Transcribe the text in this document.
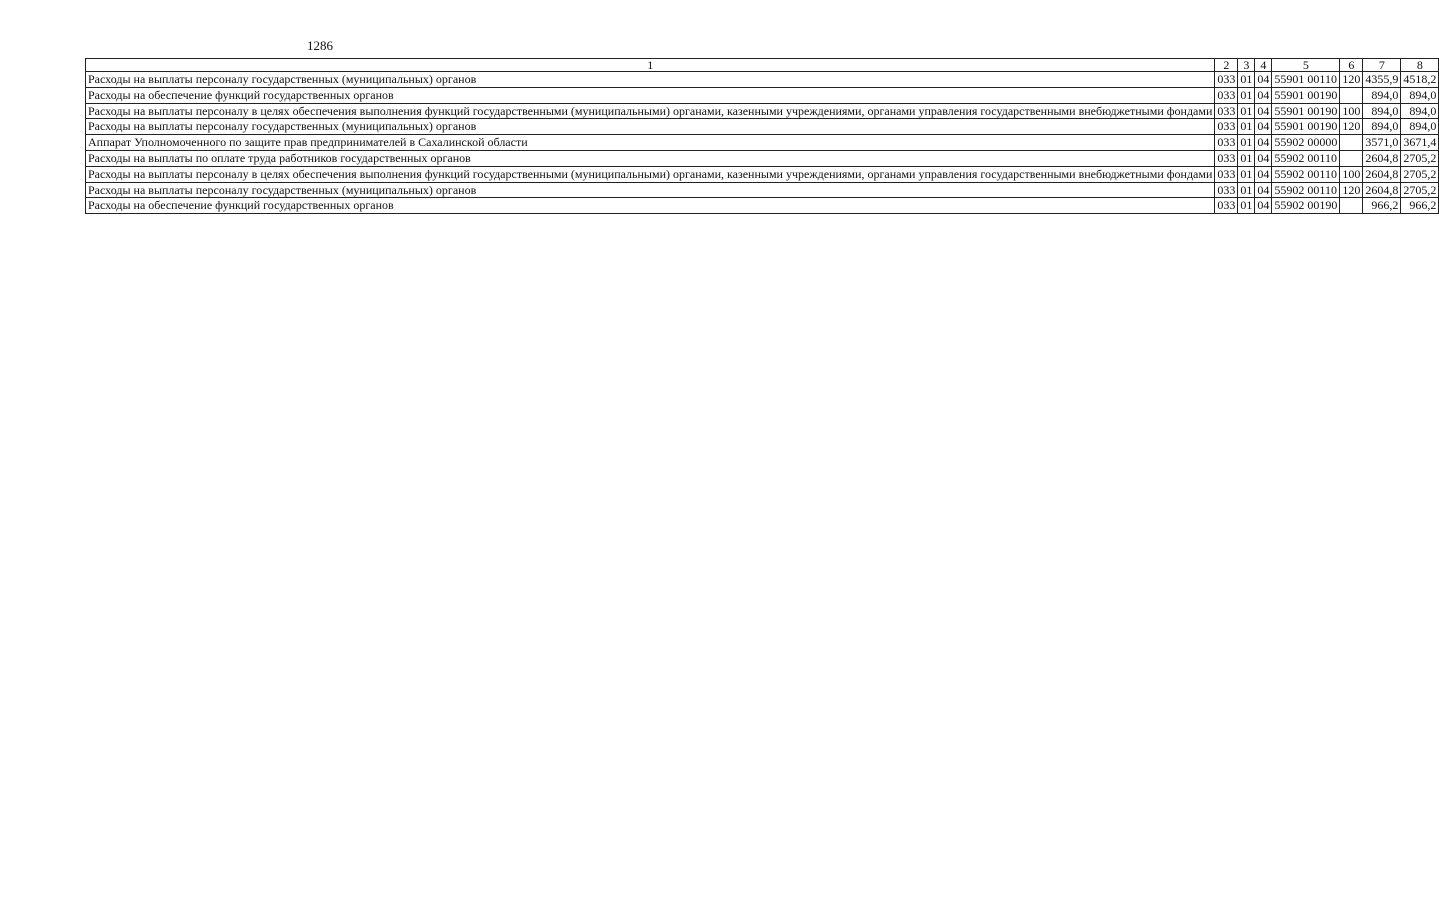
1286
1	2	3	4	5	6	7	8
Расходы на выплаты персоналу государственных (муниципальных) органов	033	01	04	55901 00110	120	4355,9	4518,2
Расходы на обеспечение функций государственных органов	033	01	04	55901 00190		894,0	894,0
Расходы на выплаты персоналу в целях обеспечения выполнения функций государственными (муниципальными) органами, казенными учреждениями, органами управления государственными внебюджетными фондами	033	01	04	55901 00190	100	894,0	894,0
Расходы на выплаты персоналу государственных (муниципальных) органов	033	01	04	55901 00190	120	894,0	894,0
Аппарат Уполномоченного по защите прав предпринимателей в Сахалинской области	033	01	04	55902 00000		3571,0	3671,4
Расходы на выплаты по оплате труда работников государственных органов	033	01	04	55902 00110		2604,8	2705,2
Расходы на выплаты персоналу в целях обеспечения выполнения функций государственными (муниципальными) органами, казенными учреждениями, органами управления государственными внебюджетными фондами	033	01	04	55902 00110	100	2604,8	2705,2
Расходы на выплаты персоналу государственных (муниципальных) органов	033	01	04	55902 00110	120	2604,8	2705,2
Расходы на обеспечение функций государственных органов	033	01	04	55902 00190		966,2	966,2
